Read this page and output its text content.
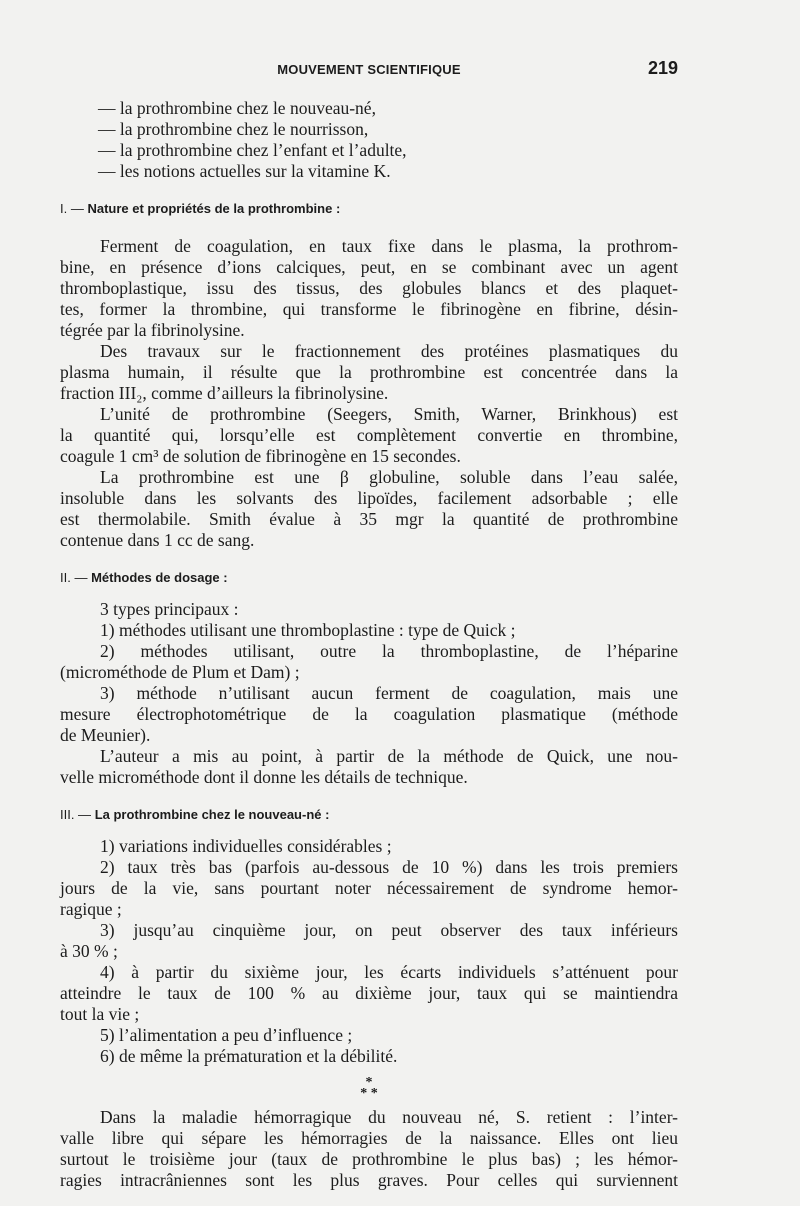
MOUVEMENT SCIENTIFIQUE	219
— la prothrombine chez le nouveau-né,
— la prothrombine chez le nourrisson,
— la prothrombine chez l’enfant et l’adulte,
— les notions actuelles sur la vitamine K.
I. — Nature et propriétés de la prothrombine :
Ferment de coagulation, en taux fixe dans le plasma, la prothrom-
bine, en présence d’ions calciques, peut, en se combinant avec un agent
thromboplastique, issu des tissus, des globules blancs et des plaquet-
tes, former la thrombine, qui transforme le fibrinogène en fibrine, désin-
tégrée par la fibrinolysine.
Des travaux sur le fractionnement des protéines plasmatiques du
plasma humain, il résulte que la prothrombine est concentrée dans la
fraction III₂, comme d’ailleurs la fibrinolysine.
L’unité de prothrombine (Seegers, Smith, Warner, Brinkhous) est
la quantité qui, lorsqu’elle est complètement convertie en thrombine,
coagule 1 cm³ de solution de fibrinogène en 15 secondes.
La prothrombine est une β globuline, soluble dans l’eau salée,
insoluble dans les solvants des lipoïdes, facilement adsorbable ; elle
est thermolabile. Smith évalue à 35 mgr la quantité de prothrombine
contenue dans 1 cc de sang.
II. — Méthodes de dosage :
3 types principaux :
1) méthodes utilisant une thromboplastine : type de Quick ;
2) méthodes utilisant, outre la thromboplastine, de l’héparine
(microméthode de Plum et Dam) ;
3) méthode n’utilisant aucun ferment de coagulation, mais une
mesure électrophotométrique de la coagulation plasmatique (méthode
de Meunier).
L’auteur a mis au point, à partir de la méthode de Quick, une nou-
velle microméthode dont il donne les détails de technique.
III. — La prothrombine chez le nouveau-né :
1) variations individuelles considérables ;
2) taux très bas (parfois au-dessous de 10 %) dans les trois premiers
jours de la vie, sans pourtant noter nécessairement de syndrome hemor-
ragique ;
3) jusqu’au cinquième jour, on peut observer des taux inférieurs
à 30 % ;
4) à partir du sixième jour, les écarts individuels s’atténuent pour
atteindre le taux de 100 % au dixième jour, taux qui se maintiendra
tout la vie ;
5) l’alimentation a peu d’influence ;
6) de même la prématuration et la débilité.
*
* *
Dans la maladie hémorragique du nouveau né, S. retient : l’inter-
valle libre qui sépare les hémorragies de la naissance. Elles ont lieu
surtout le troisième jour (taux de prothrombine le plus bas) ; les hémor-
ragies intracrâniennes sont les plus graves. Pour celles qui surviennent
